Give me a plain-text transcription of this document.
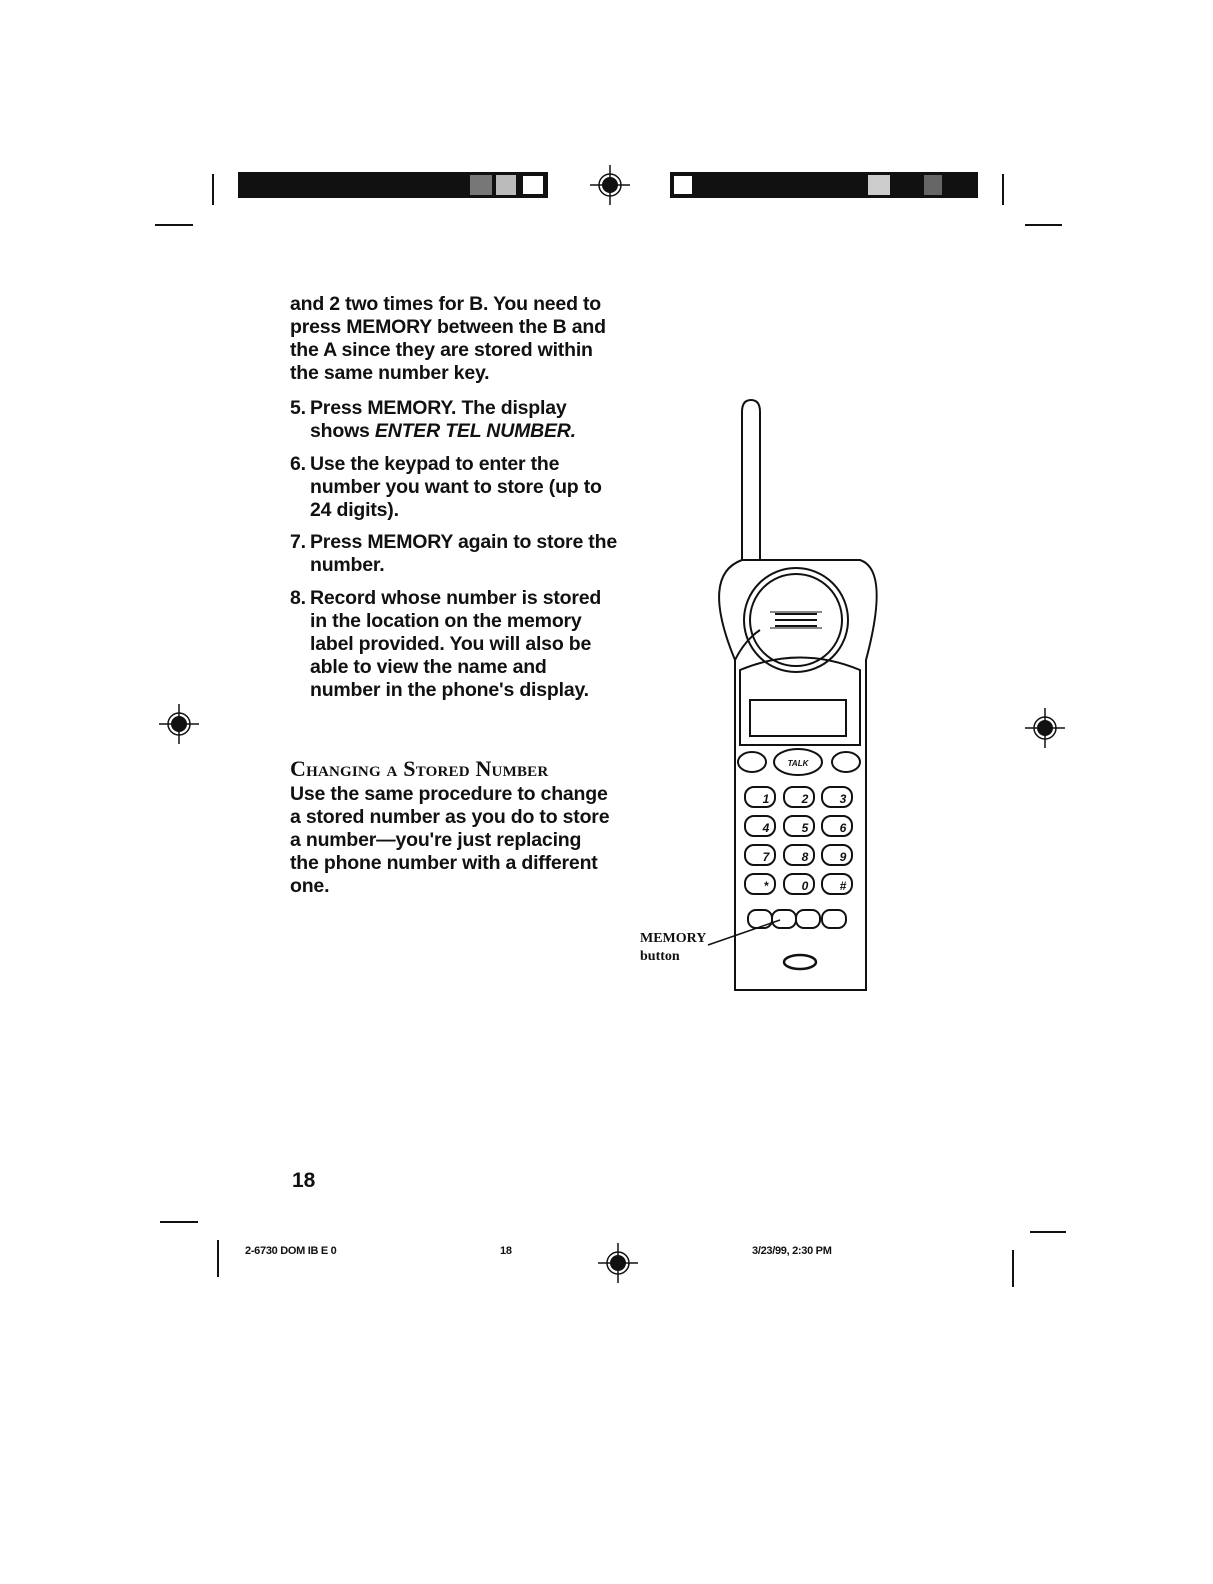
TALK
1	2	3
4	5	6
7	8	9
*	0	#
and 2 two times for B. You need to press MEMORY between the B and the A since they are stored within the same number key.
5. Press MEMORY. The display shows ENTER TEL NUMBER.
6. Use the keypad to enter the number you want to store (up to 24 digits).
7. Press MEMORY again to store the number.
8. Record whose number is stored in the location on the memory label provided. You will also be able to view the name and number in the phone's display.
Changing a Stored Number
Use the same procedure to change a stored number as you do to store a number—you're just replacing the phone number with a different one.
MEMORY
button
18
2-6730 DOM IB E 0	18	3/23/99, 2:30 PM
